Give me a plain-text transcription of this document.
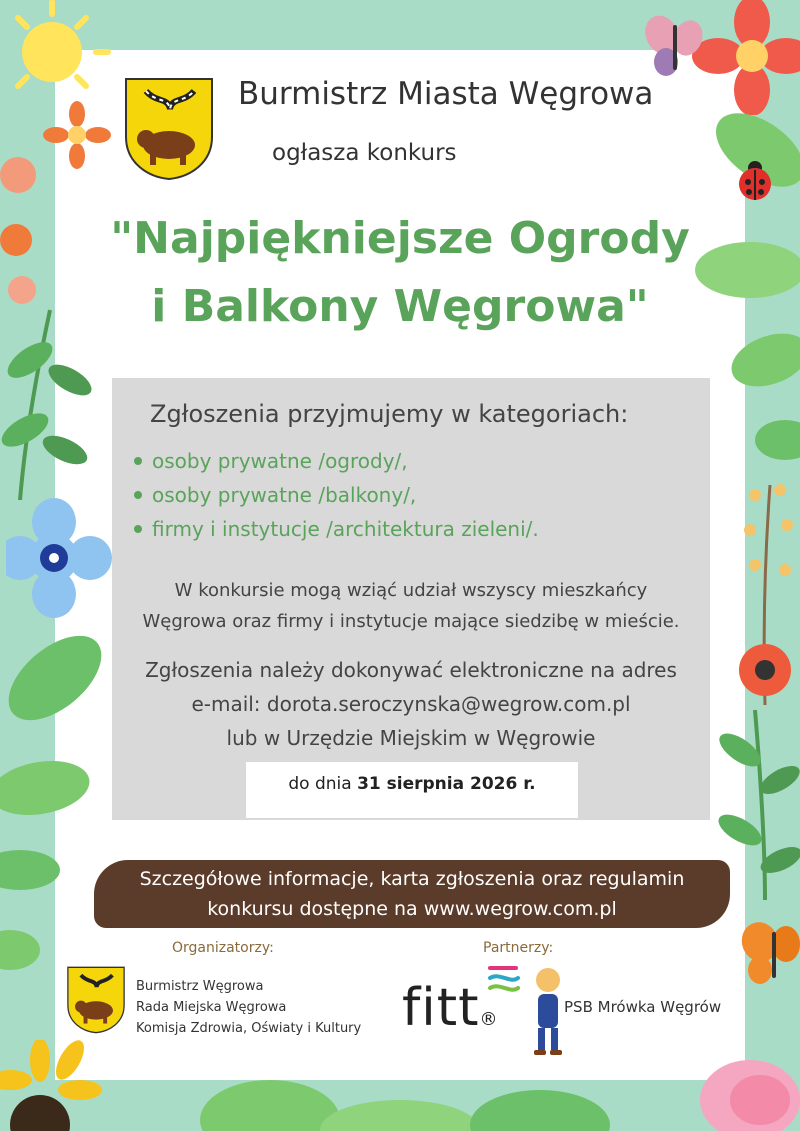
Burmistrz Miasta Węgrowa
ogłasza konkurs
"Najpiękniejsze Ogrody
i Balkony Węgrowa"
Zgłoszenia przyjmujemy w kategoriach:
osoby prywatne /ogrody/,
osoby prywatne /balkony/,
firmy i instytucje /architektura zieleni/.
W konkursie mogą wziąć udział wszyscy mieszkańcy
Węgrowa oraz firmy i instytucje mające siedzibę w mieście.
Zgłoszenia należy dokonywać elektroniczne na adres
e-mail: dorota.seroczynska@wegrow.com.pl
lub w Urzędzie Miejskim w Węgrowie
do dnia 31 sierpnia 2026 r.
Szczegółowe informacje, karta zgłoszenia oraz regulamin
konkursu dostępne na www.wegrow.com.pl
Organizatorzy:
Burmistrz Węgrowa
Rada Miejska Węgrowa
Komisja Zdrowia, Oświaty i Kultury
Partnerzy:
fitt®
PSB Mrówka Węgrów
